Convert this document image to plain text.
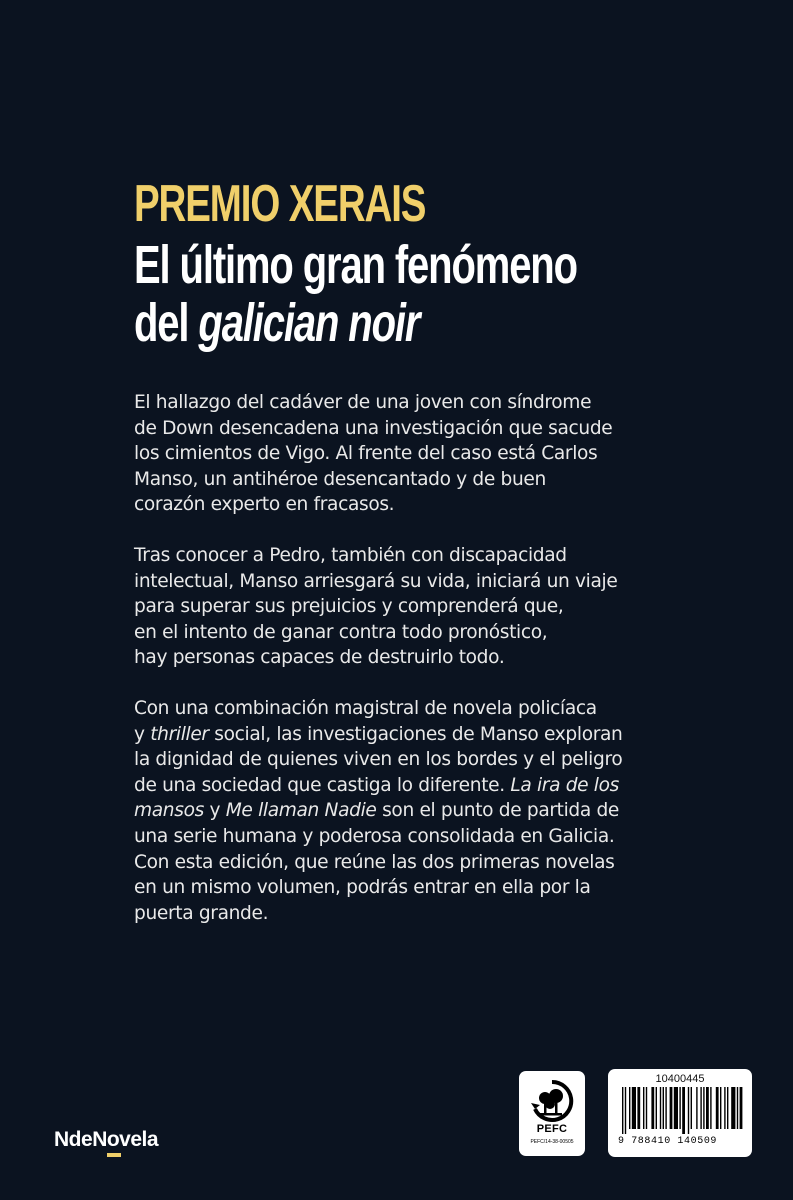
PREMIO XERAIS
El último gran fenómeno
del galician noir
El hallazgo del cadáver de una joven con síndrome
de Down desencadena una investigación que sacude
los cimientos de Vigo. Al frente del caso está Carlos
Manso, un antihéroe desencantado y de buen
corazón experto en fracasos.
Tras conocer a Pedro, también con discapacidad
intelectual, Manso arriesgará su vida, iniciará un viaje
para superar sus prejuicios y comprenderá que,
en el intento de ganar contra todo pronóstico,
hay personas capaces de destruirlo todo.
Con una combinación magistral de novela policíaca
y thriller social, las investigaciones de Manso exploran
la dignidad de quienes viven en los bordes y el peligro
de una sociedad que castiga lo diferente. La ira de los
mansos y Me llaman Nadie son el punto de partida de
una serie humana y poderosa consolidada en Galicia.
Con esta edición, que reúne las dos primeras novelas
en un mismo volumen, podrás entrar en ella por la
puerta grande.
NdeNovela	PEFC
PEFC/14-38-00505
10400445
9 788410 140509
